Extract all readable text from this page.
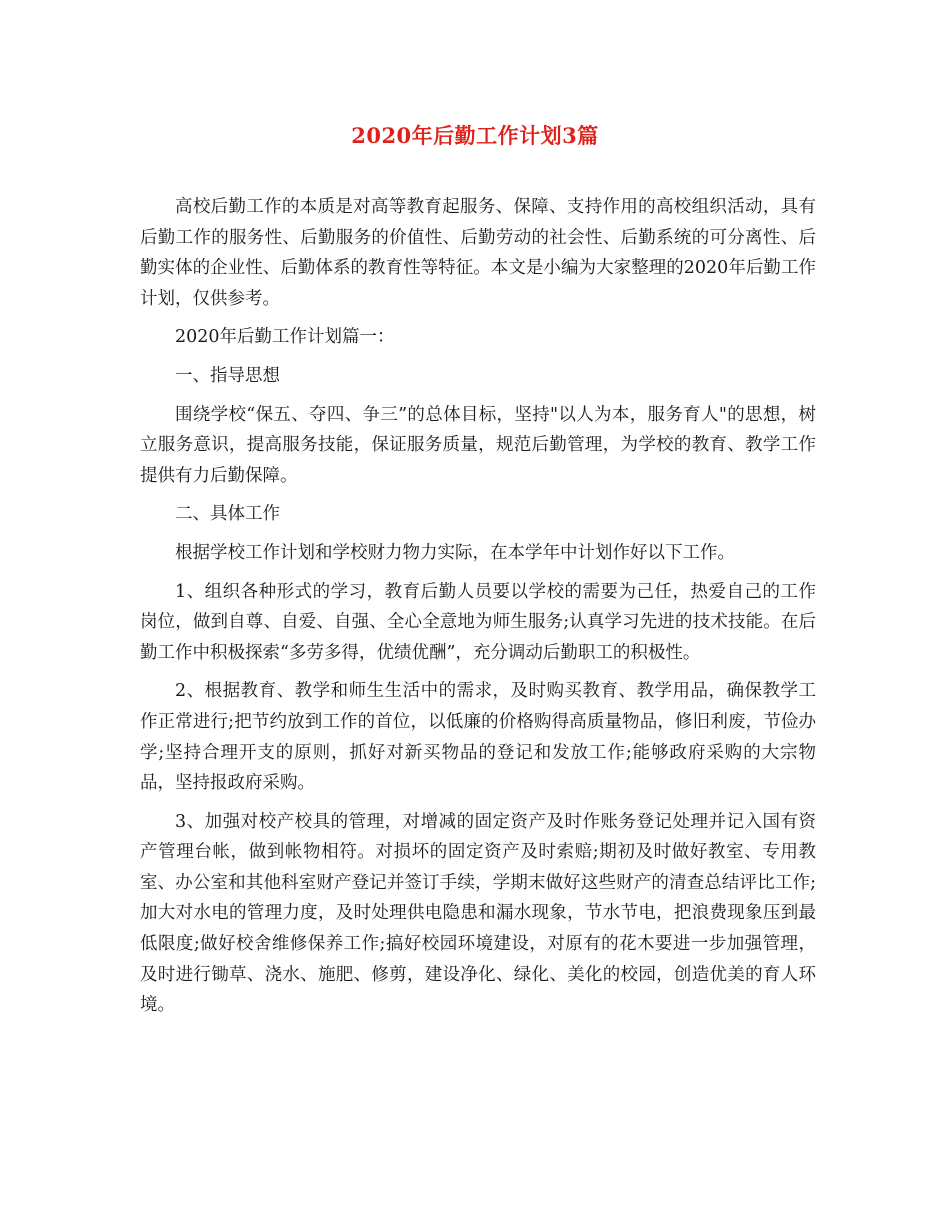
2020年后勤工作计划3篇

高校后勤工作的本质是对高等教育起服务、保障、支持作用的高校组织活动，具有后勤工作的服务性、后勤服务的价值性、后勤劳动的社会性、后勤系统的可分离性、后勤实体的企业性、后勤体系的教育性等特征。本文是小编为大家整理的2020年后勤工作计划，仅供参考。

2020年后勤工作计划篇一：

一、指导思想

围绕学校“保五、夺四、争三”的总体目标，坚持"以人为本，服务育人"的思想，树立服务意识，提高服务技能，保证服务质量，规范后勤管理，为学校的教育、教学工作提供有力后勤保障。

二、具体工作

根据学校工作计划和学校财力物力实际，在本学年中计划作好以下工作。

1、组织各种形式的学习，教育后勤人员要以学校的需要为己任，热爱自己的工作岗位，做到自尊、自爱、自强、全心全意地为师生服务;认真学习先进的技术技能。在后勤工作中积极探索“多劳多得，优绩优酬”，充分调动后勤职工的积极性。

2、根据教育、教学和师生生活中的需求，及时购买教育、教学用品，确保教学工作正常进行;把节约放到工作的首位，以低廉的价格购得高质量物品，修旧利废，节俭办学;坚持合理开支的原则，抓好对新买物品的登记和发放工作;能够政府采购的大宗物品，坚持报政府采购。

3、加强对校产校具的管理，对增减的固定资产及时作账务登记处理并记入国有资产管理台帐，做到帐物相符。对损坏的固定资产及时索赔;期初及时做好教室、专用教室、办公室和其他科室财产登记并签订手续，学期末做好这些财产的清查总结评比工作;加大对水电的管理力度，及时处理供电隐患和漏水现象，节水节电，把浪费现象压到最低限度;做好校舍维修保养工作;搞好校园环境建设，对原有的花木要进一步加强管理，及时进行锄草、浇水、施肥、修剪，建设净化、绿化、美化的校园，创造优美的育人环境。
